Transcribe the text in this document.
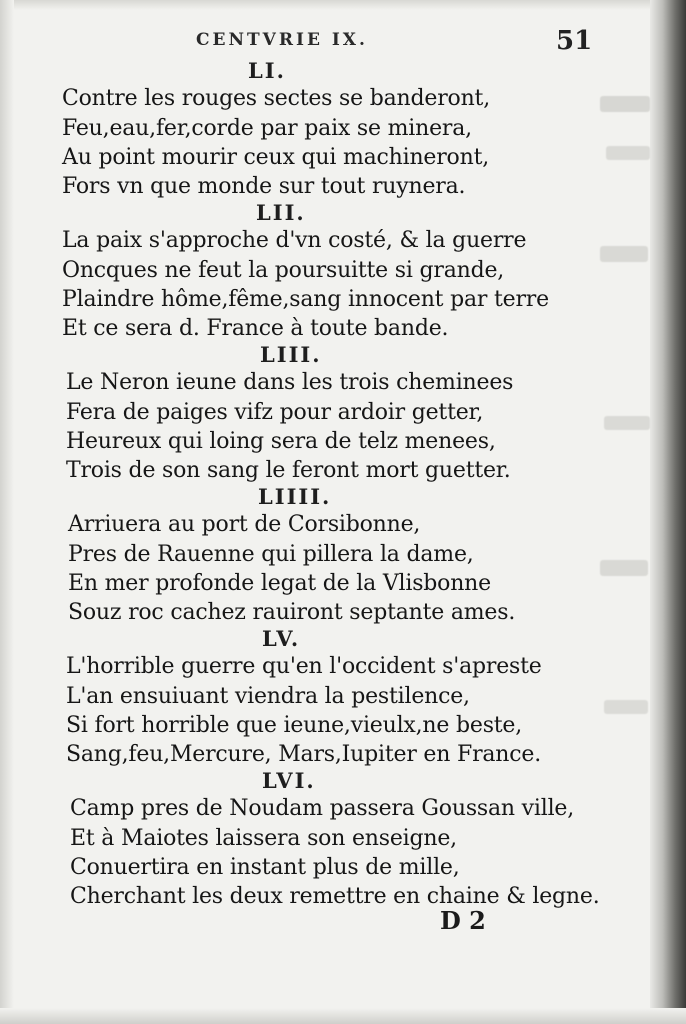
CENTVRIE IX.	51
LI.
Contre les rouges sectes se banderont,
Feu,eau,fer,corde par paix se minera,
Au point mourir ceux qui machineront,
Fors vn que monde sur tout ruynera.
LII.
La paix s'approche d'vn costé, & la guerre
Oncques ne feut la poursuitte si grande,
Plaindre hôme,fême,sang innocent par terre
Et ce sera d. France à toute bande.
LIII.
Le Neron ieune dans les trois cheminees
Fera de paiges vifz pour ardoir getter,
Heureux qui loing sera de telz menees,
Trois de son sang le feront mort guetter.
LIIII.
Arriuera au port de Corsibonne,
Pres de Rauenne qui pillera la dame,
En mer profonde legat de la Vlisbonne
Souz roc cachez rauiront septante ames.
LV.
L'horrible guerre qu'en l'occident s'apreste
L'an ensuiuant viendra la pestilence,
Si fort horrible que ieune,vieulx,ne beste,
Sang,feu,Mercure, Mars,Iupiter en France.
LVI.
Camp pres de Noudam passera Goussan ville,
Et à Maiotes laissera son enseigne,
Conuertira en instant plus de mille,
Cherchant les deux remettre en chaine & legne.
D 2
